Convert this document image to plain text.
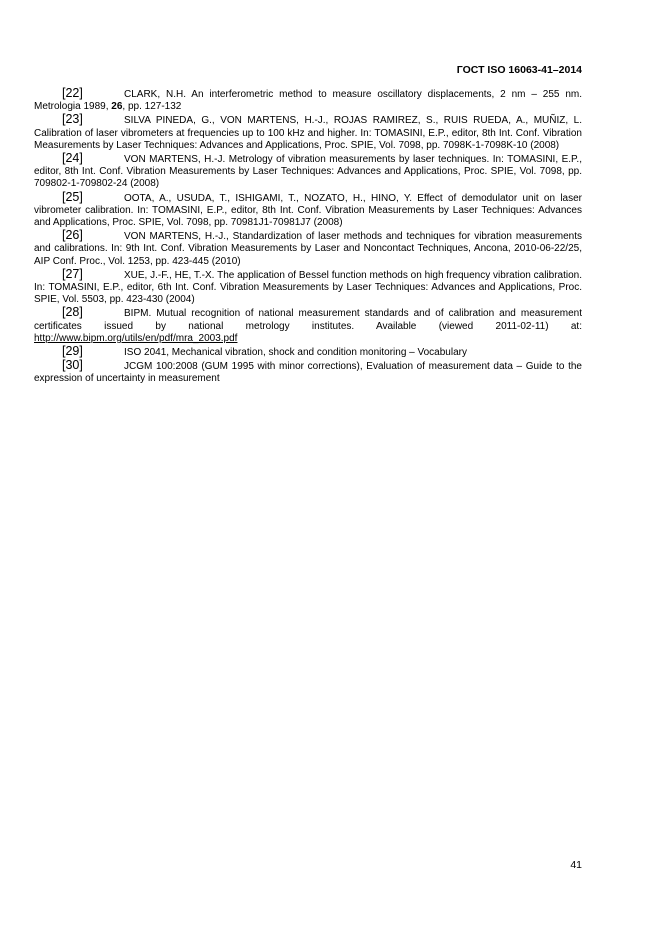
ГОСТ ISO 16063-41–2014

[22]	CLARK, N.H. An interferometric method to measure oscillatory displacements, 2 nm – 255 nm. Metrologia 1989, 26, pp. 127-132

[23]	SILVA PINEDA, G., VON MARTENS, H.-J., ROJAS RAMIREZ, S., RUIS RUEDA, A., MUÑIZ, L. Calibration of laser vibrometers at frequencies up to 100 kHz and higher. In: TOMASINI, E.P., editor, 8th Int. Conf. Vibration Measurements by Laser Techniques: Advances and Applications, Proc. SPIE, Vol. 7098, pp. 7098K-1-7098K-10 (2008)

[24]	VON MARTENS, H.-J. Metrology of vibration measurements by laser techniques. In: TOMASINI, E.P., editor, 8th Int. Conf. Vibration Measurements by Laser Techniques: Advances and Applications, Proc. SPIE, Vol. 7098, pp. 709802-1-709802-24 (2008)

[25]	OOTA, A., USUDA, T., ISHIGAMI, T., NOZATO, H., HINO, Y. Effect of demodulator unit on laser vibrometer calibration. In: TOMASINI, E.P., editor, 8th Int. Conf. Vibration Measurements by Laser Techniques: Advances and Applications, Proc. SPIE, Vol. 7098, pp. 70981J1-70981J7 (2008)

[26]	VON MARTENS, H.-J., Standardization of laser methods and techniques for vibration measurements and calibrations. In: 9th Int. Conf. Vibration Measurements by Laser and Noncontact Techniques, Ancona, 2010-06-22/25, AIP Conf. Proc., Vol. 1253, pp. 423-445 (2010)

[27]	XUE, J.-F., HE, T.-X. The application of Bessel function methods on high frequency vibration calibration. In: TOMASINI, E.P., editor, 6th Int. Conf. Vibration Measurements by Laser Techniques: Advances and Applications, Proc. SPIE, Vol. 5503, pp. 423-430 (2004)

[28]	BIPM. Mutual recognition of national measurement standards and of calibration and measurement certificates issued by national metrology institutes. Available (viewed 2011-02-11) at: http://www.bipm.org/utils/en/pdf/mra_2003.pdf

[29]	ISO 2041, Mechanical vibration, shock and condition monitoring – Vocabulary

[30]	JCGM 100:2008 (GUM 1995 with minor corrections), Evaluation of measurement data – Guide to the expression of uncertainty in measurement

41
